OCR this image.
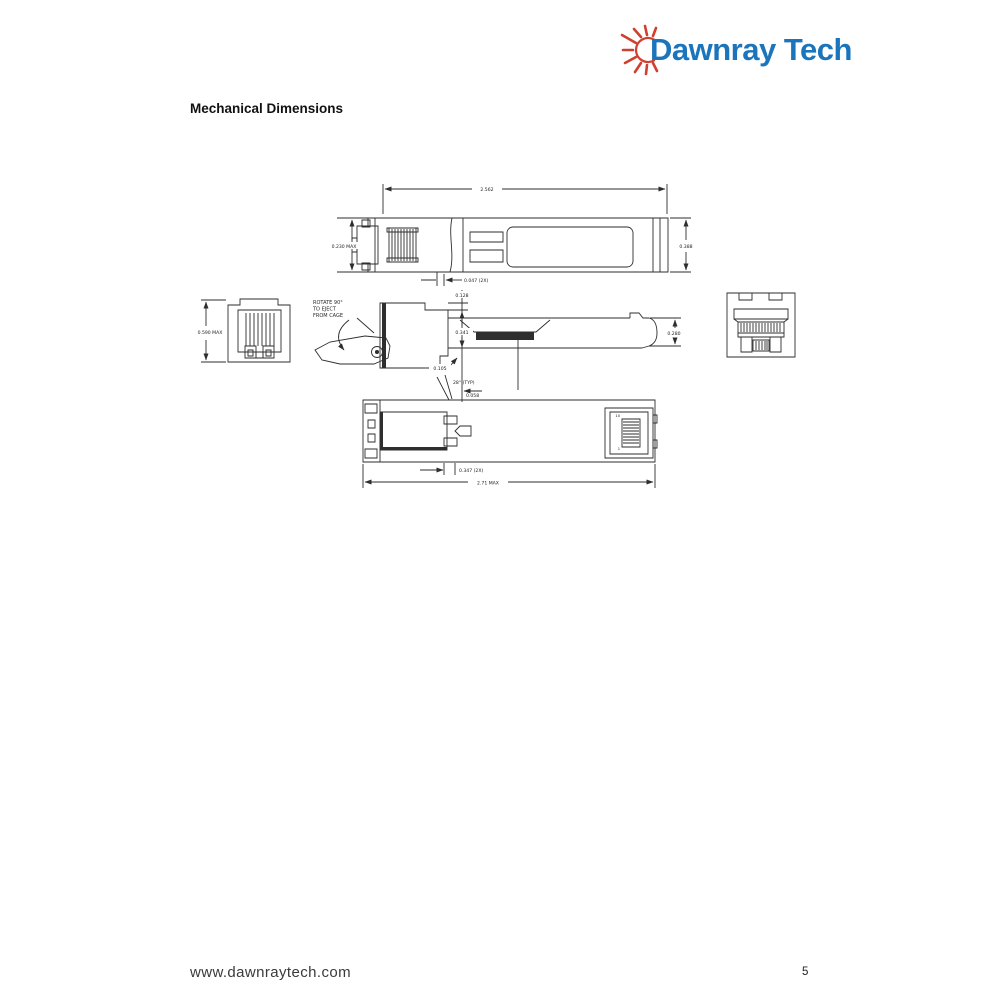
Dawnray Tech
Mechanical Dimensions
2.562
0.230 MAX	0.388
0.047 (2X)
0.590 MAX
ROTATE 90°
TO EJECT
FROM CAGE
0.128
0.341
0.105
0.280
10
1
28° (TYP)
0.058
0.347 (2X)
2.71 MAX
www.dawnraytech.com	5
